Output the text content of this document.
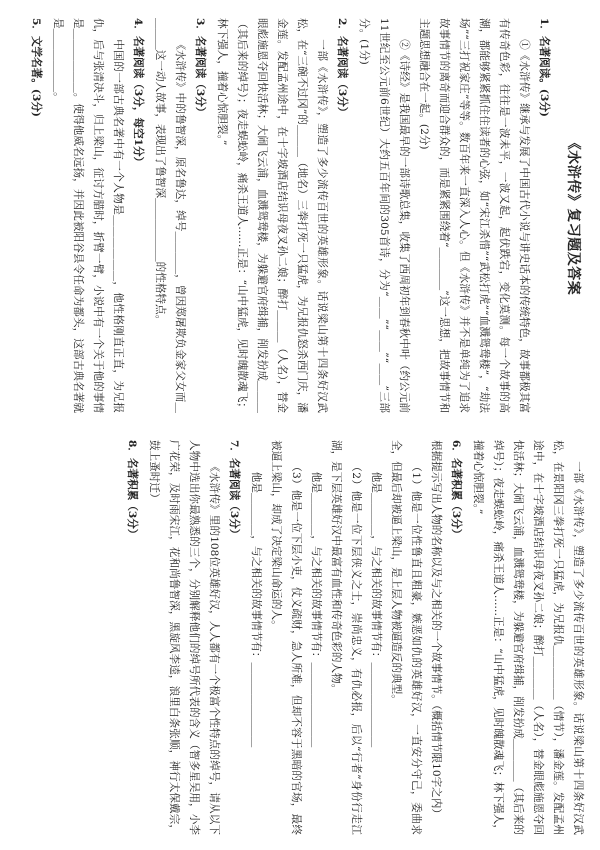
《水浒传》复习题及答案

1．名著阅读。(3分)

①《水浒传》继承与发展了中国古代小说与讲史话本的传统特色，故事都极其富有传奇色彩，往往是一波未平，一波又起，起伏跌宕，变化莫测。每一个故事的高潮，都能够紧紧抓住住读者的心弦，如“宋江杀惜”“武松打虎”“血溅鸳鸯楼”，“劫法场”“三打祝家庄”等等。数百年来一直深入人心。但《水浒传》并不是单纯为了追求故事情节的离奇而迎合群众的，而是紧紧围绕着“＿＿＿＿”这一思想，把故事情节和主题思想融合在一起。(2分)

②《诗经》是我国最早的一部诗歌总集，收集了西周初年到春秋中叶（约公元前11世纪至公元前6世纪）大约五百年间的305首诗，分为“＿＿”“＿＿”“＿＿”三部分。(1分)

2．名著阅读（3分）

一部《水浒传》，塑造了多少流传百世的英雄形象。话说梁山第十四条好汉武松，在“三碗不过冈”的＿＿＿（地名）三拳打死一只猛虎，为兄报仇怒杀西门庆，潘金莲。发配孟州途中，在十字坡酒店结识母夜叉孙二娘；醉打＿＿＿（人名），替金眼彪施恩夺回快活林；大闹飞云浦，血溅鸳鸯楼，为躲避官府缉捕，削发扮成＿＿＿（其后来的绰号）；夜走蜈蚣岭，痛杀王道人……正是：“山中猛虎，见时魄散魂飞；林下强人，撞着心惊胆裂。”

3．名著阅读（3分）

《水浒传》中的鲁智深，原名鲁达，绰号＿＿＿＿，曾因郑屠欺负金家父女而＿＿＿＿这一动人故事，表现出了鲁智深＿＿＿＿＿＿的性格特点。

4．名著阅读（3分，每空1分）

中国的一部古典名著中有一个人物是＿＿＿＿＿＿，他性格刚直正直，为兄报仇，后与张清决斗，归上梁山，征讨方腊时，折臂一臂，小说中有一个关于他的事情是＿＿＿＿＿＿。使得他威名远扬，并因此被阳谷县令任命为都头，这部古典名著就是＿＿＿＿＿＿。

5．文学名著。(3分)

一部《水浒传》，塑造了多少流传百世的英雄形象。话说梁山第十四条好汉武松，在景阳冈三拳打死一只猛虎，为兄报仇＿＿＿＿＿（情节），潘金莲。发配孟州途中，在十字坡酒店结识母夜叉孙二娘；醉打＿＿＿＿（人名），替金眼彪施恩夺回快活林；大闹飞云浦，血溅鸳鸯楼，为躲避官府缉捕，削发扮成＿＿＿＿（其后来的绰号）；夜走蜈蚣岭，痛杀王道人……正是：“山中猛虎，见时魄散魂飞；林下强人，撞着心惊胆裂。”

6．名著积累（3分）

根据提示写出人物的名称以及与之相关的一个故事情节。（概括情节限10字之内）

（1）他是一位性鲁直且粗豪，嫉恶如仇的英雄好汉，一直安分守己，委曲求全，但最后却被逼上梁山，是上层人物被逼造反的典型。

他是＿＿＿＿，与之相关的故事情节有：＿＿＿＿＿＿＿＿

（2）他是一位下层侠义之士，崇尚忠义，有仇必报，后以“行者”身份行走江湖，是下层英雄好汉中最富有血性和传奇色彩的人物。

他是＿＿＿＿，与之相关的故事情节有：＿＿＿＿＿＿＿＿

（3）他是一位下层小吏，仗义疏财，急人所难，但却不容于黑暗的官场，最终被逼上梁山，却成了决定梁山命运的人。

他是＿＿＿＿，与之相关的故事情节有：＿＿＿＿＿＿＿＿

7．名著阅读（3分）

《水浒传》里的108位英雄好汉，人人都有一个极富个性特点的绰号，请从以下人物中选出你最熟悉的三个，分别解释他们的绰号所代表的含义（智多星吴用，小李广花荣，及时雨宋江，花和尚鲁智深，黑旋风李逵，浪里白条张顺，神行太保戴宗，鼓上蚤时迁）

8．名著积累（3分）
